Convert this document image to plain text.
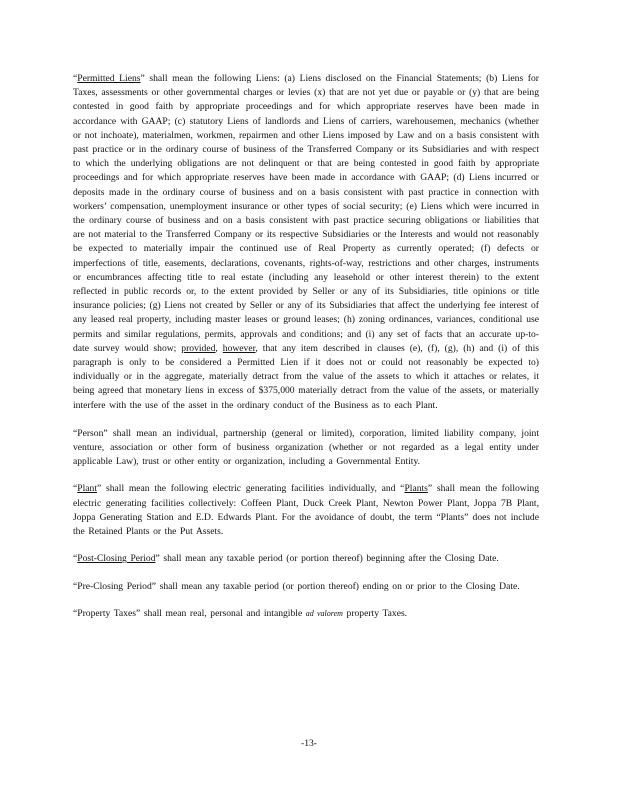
“Permitted Liens” shall mean the following Liens: (a) Liens disclosed on the Financial Statements; (b) Liens for Taxes, assessments or other governmental charges or levies (x) that are not yet due or payable or (y) that are being contested in good faith by appropriate proceedings and for which appropriate reserves have been made in accordance with GAAP; (c) statutory Liens of landlords and Liens of carriers, warehousemen, mechanics (whether or not inchoate), materialmen, workmen, repairmen and other Liens imposed by Law and on a basis consistent with past practice or in the ordinary course of business of the Transferred Company or its Subsidiaries and with respect to which the underlying obligations are not delinquent or that are being contested in good faith by appropriate proceedings and for which appropriate reserves have been made in accordance with GAAP; (d) Liens incurred or deposits made in the ordinary course of business and on a basis consistent with past practice in connection with workers’ compensation, unemployment insurance or other types of social security; (e) Liens which were incurred in the ordinary course of business and on a basis consistent with past practice securing obligations or liabilities that are not material to the Transferred Company or its respective Subsidiaries or the Interests and would not reasonably be expected to materially impair the continued use of Real Property as currently operated; (f) defects or imperfections of title, easements, declarations, covenants, rights-of-way, restrictions and other charges, instruments or encumbrances affecting title to real estate (including any leasehold or other interest therein) to the extent reflected in public records or, to the extent provided by Seller or any of its Subsidiaries, title opinions or title insurance policies; (g) Liens not created by Seller or any of its Subsidiaries that affect the underlying fee interest of any leased real property, including master leases or ground leases; (h) zoning ordinances, variances, conditional use permits and similar regulations, permits, approvals and conditions; and (i) any set of facts that an accurate up-to-date survey would show; provided, however, that any item described in clauses (e), (f), (g), (h) and (i) of this paragraph is only to be considered a Permitted Lien if it does not or could not reasonably be expected to) individually or in the aggregate, materially detract from the value of the assets to which it attaches or relates, it being agreed that monetary liens in excess of $375,000 materially detract from the value of the assets, or materially interfere with the use of the asset in the ordinary conduct of the Business as to each Plant.

“Person” shall mean an individual, partnership (general or limited), corporation, limited liability company, joint venture, association or other form of business organization (whether or not regarded as a legal entity under applicable Law), trust or other entity or organization, including a Governmental Entity.

“Plant” shall mean the following electric generating facilities individually, and “Plants” shall mean the following electric generating facilities collectively: Coffeen Plant, Duck Creek Plant, Newton Power Plant, Joppa 7B Plant, Joppa Generating Station and E.D. Edwards Plant. For the avoidance of doubt, the term “Plants” does not include the Retained Plants or the Put Assets.

“Post-Closing Period” shall mean any taxable period (or portion thereof) beginning after the Closing Date.

“Pre-Closing Period” shall mean any taxable period (or portion thereof) ending on or prior to the Closing Date.

“Property Taxes” shall mean real, personal and intangible ad valorem property Taxes.

-13-
